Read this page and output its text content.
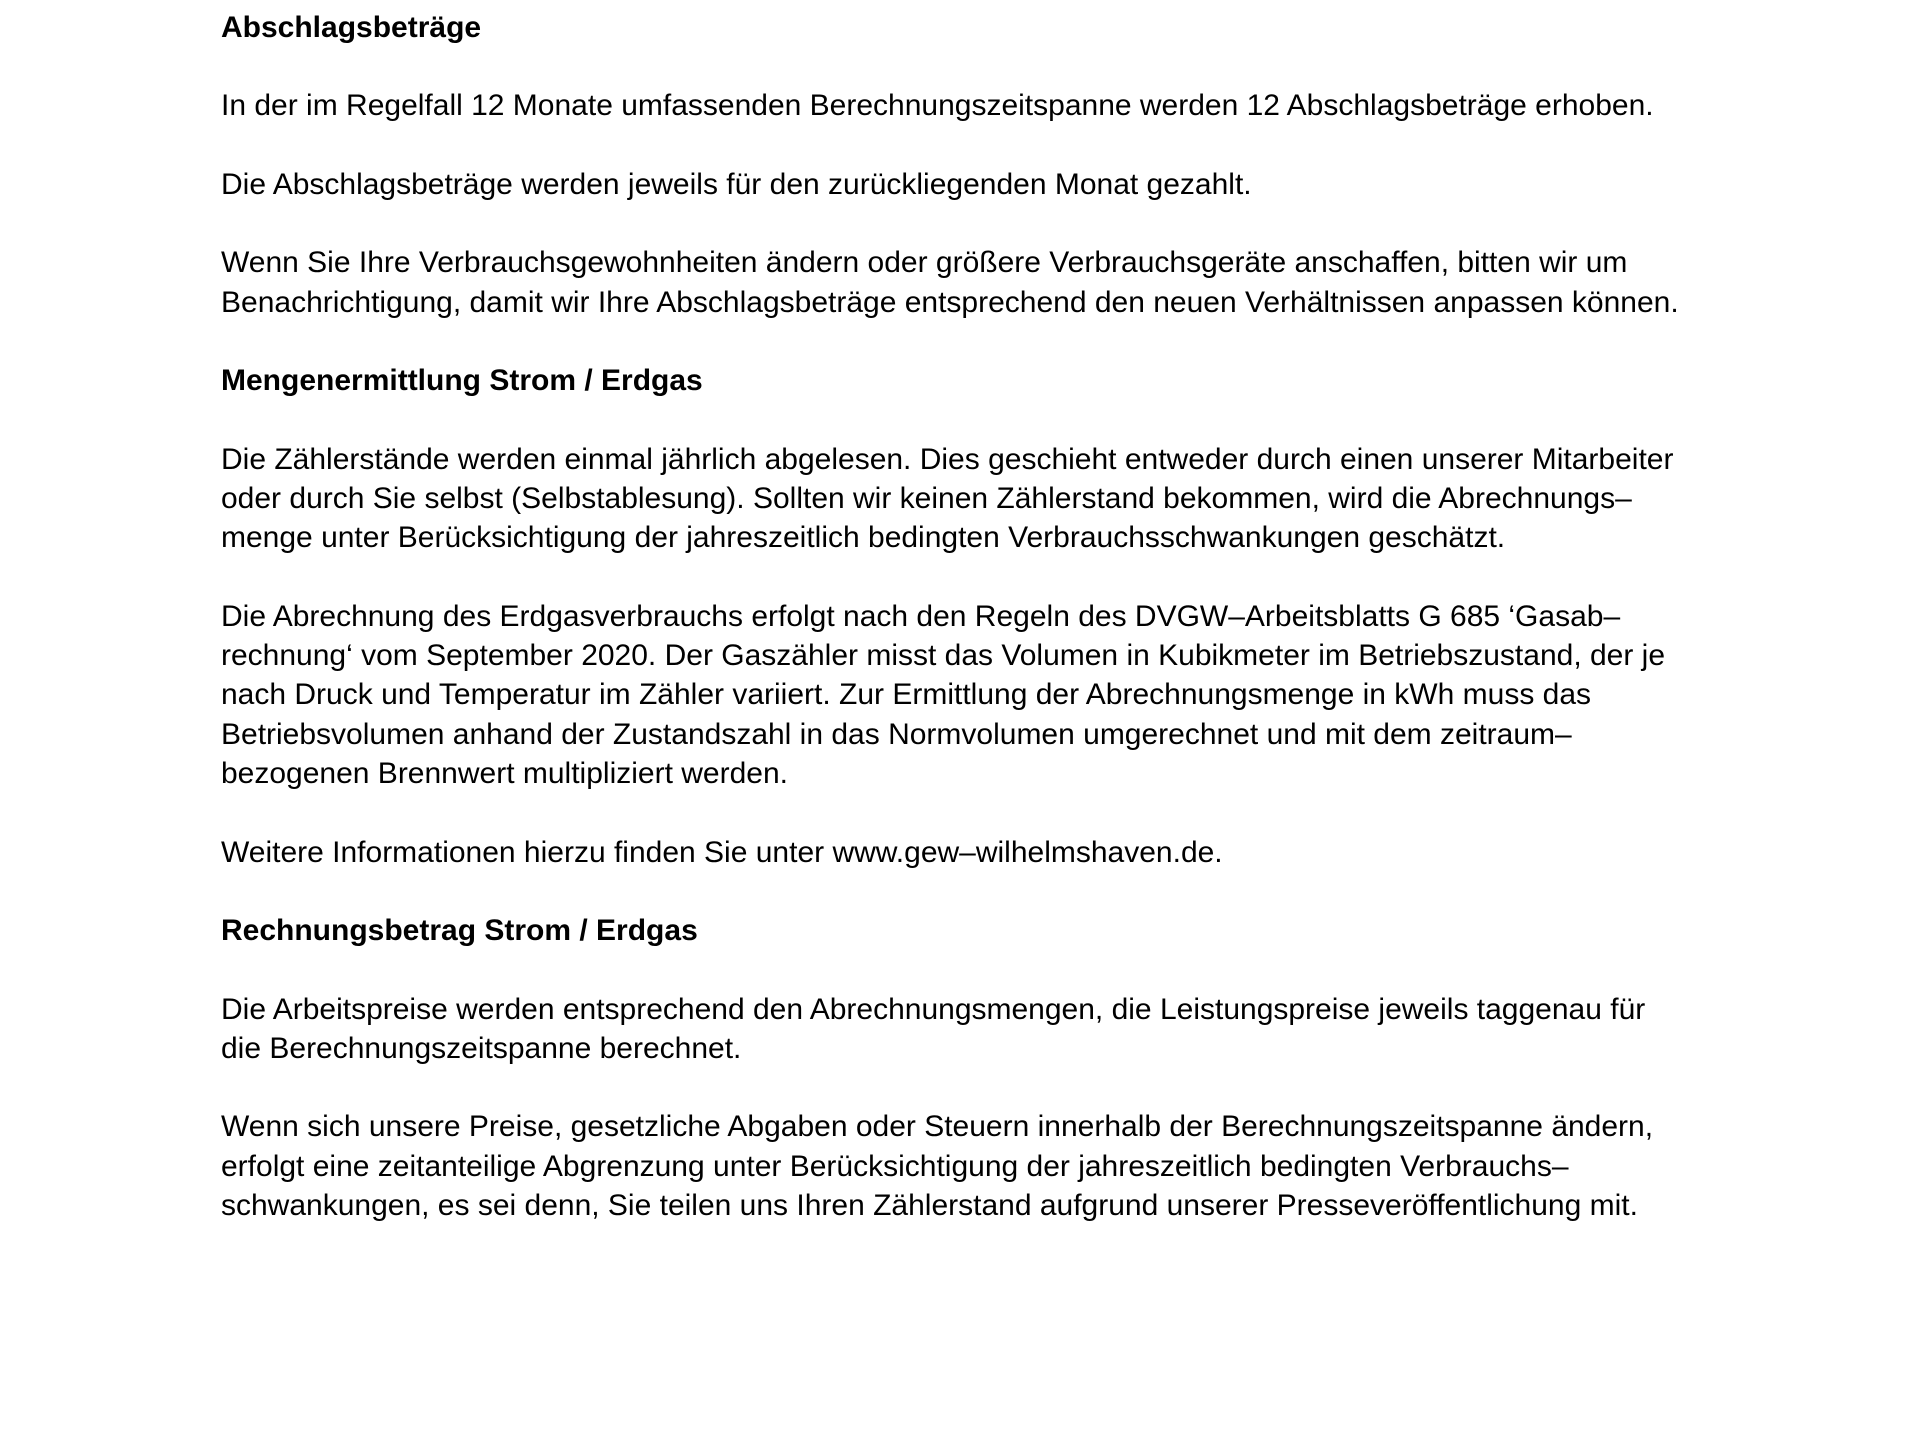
Abschlagsbeträge
In der im Regelfall 12 Monate umfassenden Berechnungszeitspanne werden 12 Abschlagsbeträge erhoben.
Die Abschlagsbeträge werden jeweils für den zurückliegenden Monat gezahlt.
Wenn Sie Ihre Verbrauchsgewohnheiten ändern oder größere Verbrauchsgeräte anschaffen, bitten wir um
Benachrichtigung, damit wir Ihre Abschlagsbeträge entsprechend den neuen Verhältnissen anpassen können.
Mengenermittlung Strom / Erdgas
Die Zählerstände werden einmal jährlich abgelesen. Dies geschieht entweder durch einen unserer Mitarbeiter
oder durch Sie selbst (Selbstablesung). Sollten wir keinen Zählerstand bekommen, wird die Abrechnungs–
menge unter Berücksichtigung der jahreszeitlich bedingten Verbrauchsschwankungen geschätzt.
Die Abrechnung des Erdgasverbrauchs erfolgt nach den Regeln des DVGW–Arbeitsblatts G 685 ‘Gasab–
rechnung‘ vom September 2020. Der Gaszähler misst das Volumen in Kubikmeter im Betriebszustand, der je
nach Druck und Temperatur im Zähler variiert. Zur Ermittlung der Abrechnungsmenge in kWh muss das
Betriebsvolumen anhand der Zustandszahl in das Normvolumen umgerechnet und mit dem zeitraum–
bezogenen Brennwert multipliziert werden.
Weitere Informationen hierzu finden Sie unter www.gew–wilhelmshaven.de.
Rechnungsbetrag Strom / Erdgas
Die Arbeitspreise werden entsprechend den Abrechnungsmengen, die Leistungspreise jeweils taggenau für
die Berechnungszeitspanne berechnet.
Wenn sich unsere Preise, gesetzliche Abgaben oder Steuern innerhalb der Berechnungszeitspanne ändern,
erfolgt eine zeitanteilige Abgrenzung unter Berücksichtigung der jahreszeitlich bedingten Verbrauchs–
schwankungen, es sei denn, Sie teilen uns Ihren Zählerstand aufgrund unserer Presseveröffentlichung mit.
